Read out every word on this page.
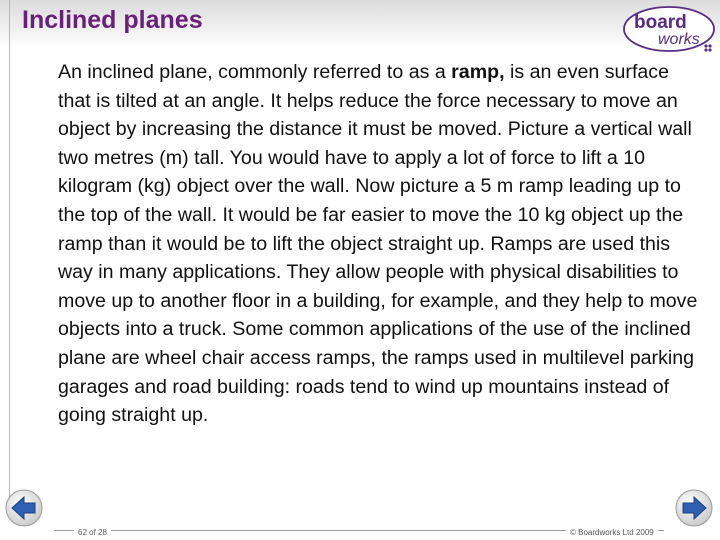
Inclined planes	board
works

An inclined plane, commonly referred to as a ramp, is an even surface that is tilted at an angle. It helps reduce the force necessary to move an object by increasing the distance it must be moved. Picture a vertical wall two metres (m) tall. You would have to apply a lot of force to lift a 10 kilogram (kg) object over the wall. Now picture a 5 m ramp leading up to the top of the wall. It would be far easier to move the 10 kg object up the ramp than it would be to lift the object straight up. Ramps are used this way in many applications. They allow people with physical disabilities to move up to another floor in a building, for example, and they help to move objects into a truck. Some common applications of the use of the inclined plane are wheel chair access ramps, the ramps used in multilevel parking garages and road building: roads tend to wind up mountains instead of going straight up.

62 of 28	© Boardworks Ltd 2009
